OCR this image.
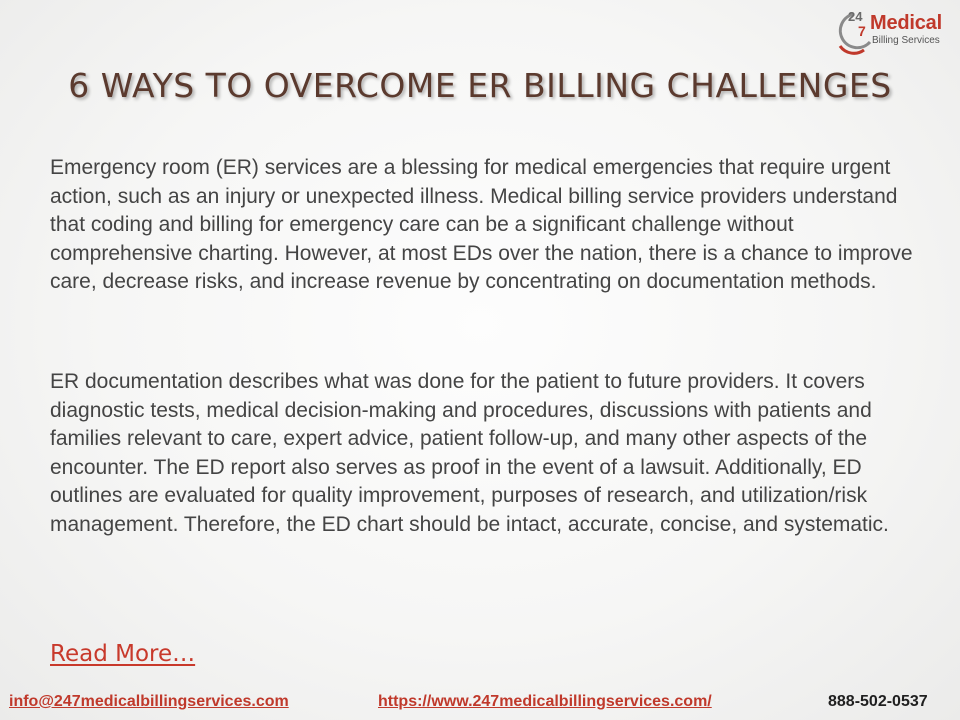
24
7 Medical
Billing Services
6 WAYS TO OVERCOME ER BILLING CHALLENGES

Emergency room (ER) services are a blessing for medical emergencies that require urgent action, such as an injury or unexpected illness. Medical billing service providers understand that coding and billing for emergency care can be a significant challenge without comprehensive charting. However, at most EDs over the nation, there is a chance to improve care, decrease risks, and increase revenue by concentrating on documentation methods.

ER documentation describes what was done for the patient to future providers. It covers diagnostic tests, medical decision-making and procedures, discussions with patients and families relevant to care, expert advice, patient follow-up, and many other aspects of the encounter. The ED report also serves as proof in the event of a lawsuit. Additionally, ED outlines are evaluated for quality improvement, purposes of research, and utilization/risk management. Therefore, the ED chart should be intact, accurate, concise, and systematic.

Read More…
info@247medicalbillingservices.com	https://www.247medicalbillingservices.com/	888-502-0537
